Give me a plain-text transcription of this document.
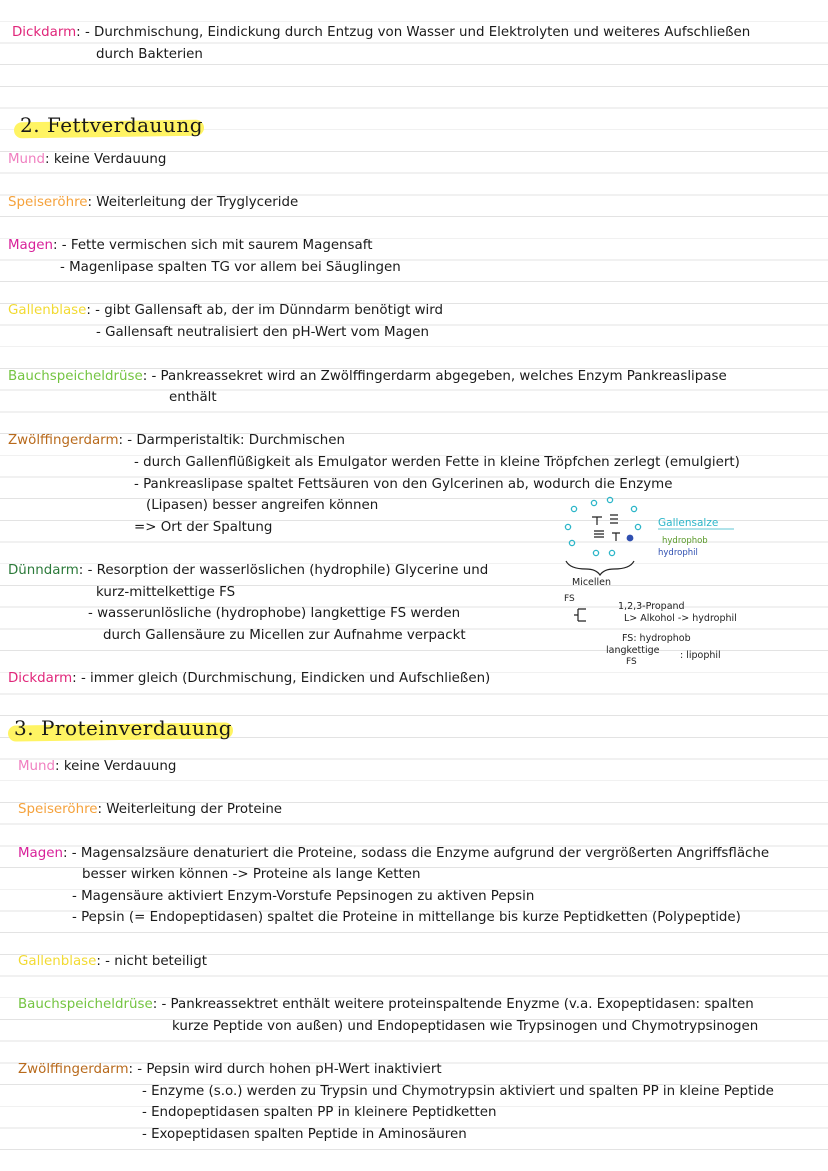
Dickdarm: - Durchmischung, Eindickung durch Entzug von Wasser und Elektrolyten und weiteres Aufschließen
durch Bakterien
2. Fettverdauung
Mund: keine Verdauung
Speiseröhre: Weiterleitung der Tryglyceride
Magen: - Fette vermischen sich mit saurem Magensaft
- Magenlipase spalten TG vor allem bei Säuglingen
Gallenblase: - gibt Gallensaft ab, der im Dünndarm benötigt wird
- Gallensaft neutralisiert den pH-Wert vom Magen
Bauchspeicheldrüse: - Pankreassekret wird an Zwölffingerdarm abgegeben, welches Enzym Pankreaslipase
enthält
Zwölffingerdarm: - Darmperistaltik: Durchmischen
- durch Gallenflüßigkeit als Emulgator werden Fette in kleine Tröpfchen zerlegt (emulgiert)
- Pankreaslipase spaltet Fettsäuren von den Gylcerinen ab, wodurch die Enzyme
(Lipasen) besser angreifen können
=> Ort der Spaltung
Dünndarm: - Resorption der wasserlöslichen (hydrophile) Glycerine und
kurz-mittelkettige FS
- wasserunlösliche (hydrophobe) langkettige FS werden
durch Gallensäure zu Micellen zur Aufnahme verpackt
Dickdarm: - immer gleich (Durchmischung, Eindicken und Aufschließen)
Gallensalze
hydrophob
hydrophil
Micellen
FS
1,2,3-Propand
L> Alkohol -> hydrophil
FS: hydrophob
langkettige : lipophil
FS
3. Proteinverdauung
Mund: keine Verdauung
Speiseröhre: Weiterleitung der Proteine
Magen: - Magensalzsäure denaturiert die Proteine, sodass die Enzyme aufgrund der vergrößerten Angriffsfläche
besser wirken können -> Proteine als lange Ketten
- Magensäure aktiviert Enzym-Vorstufe Pepsinogen zu aktiven Pepsin
- Pepsin (= Endopeptidasen) spaltet die Proteine in mittellange bis kurze Peptidketten (Polypeptide)
Gallenblase: - nicht beteiligt
Bauchspeicheldrüse: - Pankreassektret enthält weitere proteinspaltende Enyzme (v.a. Exopeptidasen: spalten
kurze Peptide von außen) und Endopeptidasen wie Trypsinogen und Chymotrypsinogen
Zwölffingerdarm: - Pepsin wird durch hohen pH-Wert inaktiviert
- Enzyme (s.o.) werden zu Trypsin und Chymotrypsin aktiviert und spalten PP in kleine Peptide
- Endopeptidasen spalten PP in kleinere Peptidketten
- Exopeptidasen spalten Peptide in Aminosäuren
